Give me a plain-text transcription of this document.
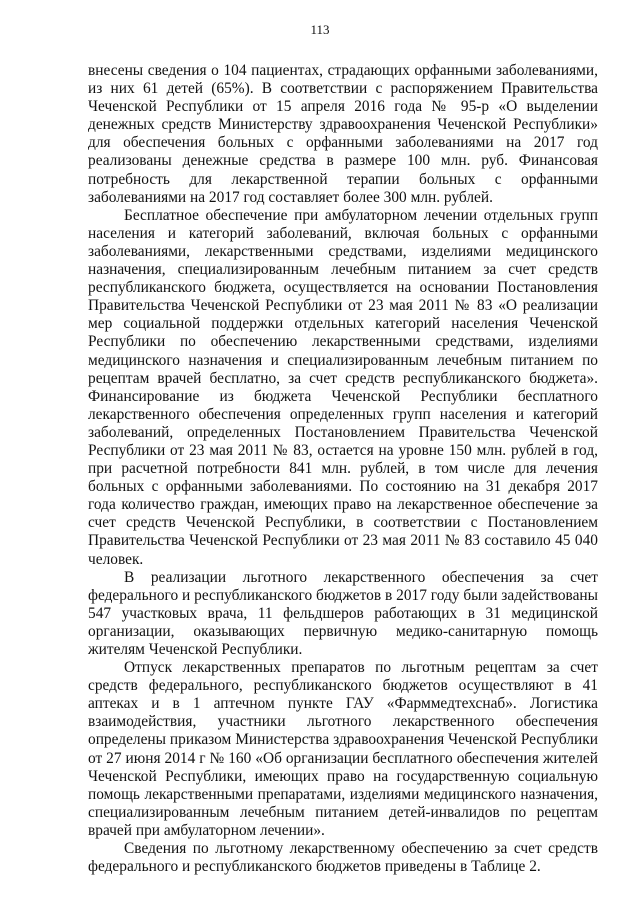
113

внесены сведения о 104 пациентах, страдающих орфанными заболеваниями, из них 61 детей (65%). В соответствии с распоряжением Правительства Чеченской Республики от 15 апреля 2016 года № 95-р «О выделении денежных средств Министерству здравоохранения Чеченской Республики» для обеспечения больных с орфанными заболеваниями на 2017 год реализованы денежные средства в размере 100 млн. руб. Финансовая потребность для лекарственной терапии больных с орфанными заболеваниями на 2017 год составляет более 300 млн. рублей.

Бесплатное обеспечение при амбулаторном лечении отдельных групп населения и категорий заболеваний, включая больных с орфанными заболеваниями, лекарственными средствами, изделиями медицинского назначения, специализированным лечебным питанием за счет средств республиканского бюджета, осуществляется на основании Постановления Правительства Чеченской Республики от 23 мая 2011 № 83 «О реализации мер социальной поддержки отдельных категорий населения Чеченской Республики по обеспечению лекарственными средствами, изделиями медицинского назначения и специализированным лечебным питанием по рецептам врачей бесплатно, за счет средств республиканского бюджета». Финансирование из бюджета Чеченской Республики бесплатного лекарственного обеспечения определенных групп населения и категорий заболеваний, определенных Постановлением Правительства Чеченской Республики от 23 мая 2011 № 83, остается на уровне 150 млн. рублей в год, при расчетной потребности 841 млн. рублей, в том числе для лечения больных с орфанными заболеваниями. По состоянию на 31 декабря 2017 года количество граждан, имеющих право на лекарственное обеспечение за счет средств Чеченской Республики, в соответствии с Постановлением Правительства Чеченской Республики от 23 мая 2011 № 83 составило 45 040 человек.

В реализации льготного лекарственного обеспечения за счет федерального и республиканского бюджетов в 2017 году были задействованы 547 участковых врача, 11 фельдшеров работающих в 31 медицинской организации, оказывающих первичную медико-санитарную помощь жителям Чеченской Республики.

Отпуск лекарственных препаратов по льготным рецептам за счет средств федерального, республиканского бюджетов осуществляют в 41 аптеках и в 1 аптечном пункте ГАУ «Фарммедтехснаб». Логистика взаимодействия, участники льготного лекарственного обеспечения определены приказом Министерства здравоохранения Чеченской Республики от 27 июня 2014 г № 160 «Об организации бесплатного обеспечения жителей Чеченской Республики, имеющих право на государственную социальную помощь лекарственными препаратами, изделиями медицинского назначения, специализированным лечебным питанием детей-инвалидов по рецептам врачей при амбулаторном лечении».

Сведения по льготному лекарственному обеспечению за счет средств федерального и республиканского бюджетов приведены в Таблице 2.
